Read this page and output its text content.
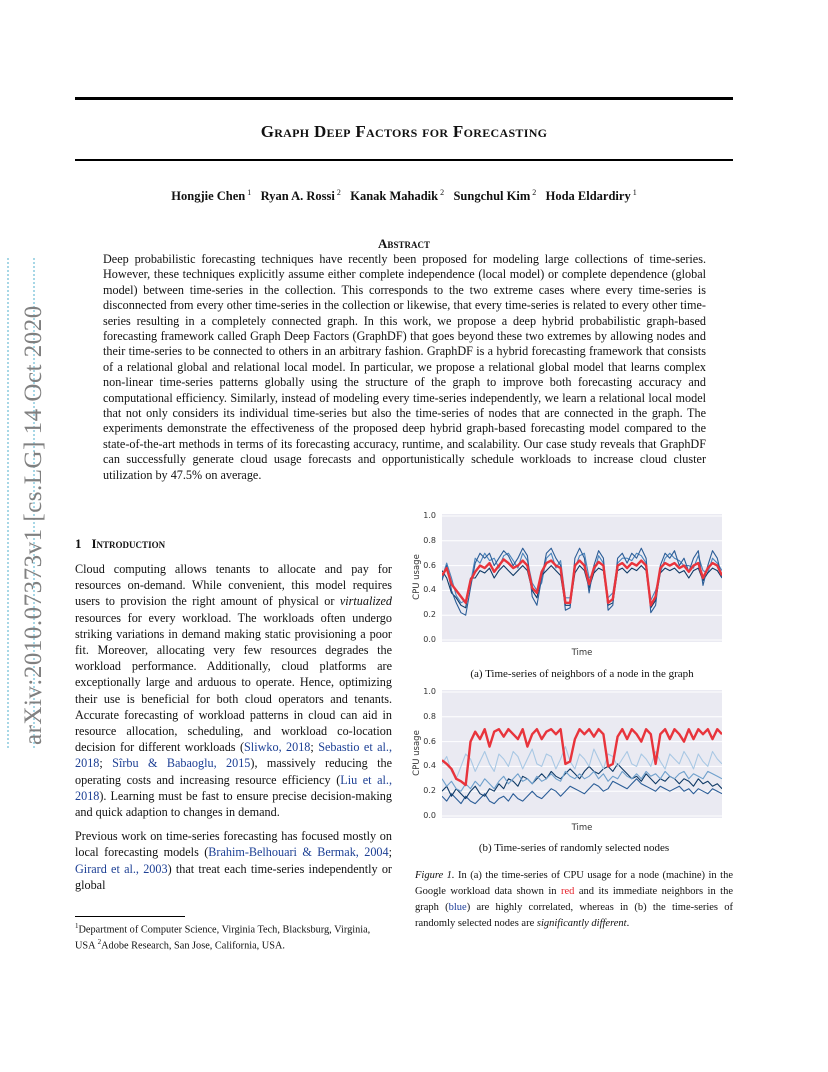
Graph Deep Factors for Forecasting
Hongjie Chen $^1$ Ryan A. Rossi $^2$ Kanak Mahadik $^2$ Sungchul Kim $^2$ Hoda Eldardiry $^1$
Abstract
Deep probabilistic forecasting techniques have recently been proposed for modeling large collections of time-series. However, these techniques explicitly assume either complete independence (local model) or complete dependence (global model) between time-series in the collection. This corresponds to the two extreme cases where every time-series is disconnected from every other time-series in the collection or likewise, that every time-series is related to every other time-series resulting in a completely connected graph. In this work, we propose a deep hybrid probabilistic graph-based forecasting framework called Graph Deep Factors (GraphDF) that goes beyond these two extremes by allowing nodes and their time-series to be connected to others in an arbitrary fashion. GraphDF is a hybrid forecasting framework that consists of a relational global and relational local model. In particular, we propose a relational global model that learns complex non-linear time-series patterns globally using the structure of the graph to improve both forecasting accuracy and computational efficiency. Similarly, instead of modeling every time-series independently, we learn a relational local model that not only considers its individual time-series but also the time-series of nodes that are connected in the graph. The experiments demonstrate the effectiveness of the proposed deep hybrid graph-based forecasting model compared to the state-of-the-art methods in terms of its forecasting accuracy, runtime, and scalability. Our case study reveals that GraphDF can successfully generate cloud usage forecasts and opportunistically schedule workloads to increase cloud cluster utilization by 47.5% on average.
arXiv:2010.07373v1 [cs.LG] 14 Oct 2020 1 Introduction

Cloud computing allows tenants to allocate and pay for resources on-demand. While convenient, this model requires users to provision the right amount of physical or virtualized resources for every workload. The workloads often undergo striking variations in demand making static provisioning a poor fit. Moreover, allocating very few resources degrades the workload performance. Additionally, cloud platforms are exceptionally large and arduous to operate. Hence, optimizing their use is beneficial for both cloud operators and tenants. Accurate forecasting of workload patterns in cloud can aid in resource allocation, scheduling, and workload co-location decision for different workloads (Sliwko, 2018; Sebastio et al., 2018; Sîrbu & Babaoglu, 2015), massively reducing the operating costs and increasing resource efficiency (Liu et al., 2018). Learning must be fast to ensure precise decision-making and quick adaption to changes in demand.

Previous work on time-series forecasting has focused mostly on local forecasting models (Brahim-Belhouari & Bermak, 2004; Girard et al., 2003) that treat each time-series independently or global

$^1$Department of Computer Science, Virginia Tech, Blacksburg, Virginia, USA $^2$Adobe Research, San Jose, California, USA.
CPU usage
Time
(a) Time-series of neighbors of a node in the graph
0.0
0.2
0.4
0.6
0.8
1.0
CPU usage
Time
(b) Time-series of randomly selected nodes
0.0
0.2
0.4
0.6
0.8
1.0
Figure 1. In (a) the time-series of CPU usage for a node (machine) in the Google workload data shown in red and its immediate neighbors in the graph (blue) are highly correlated, whereas in (b) the time-series of randomly selected nodes are significantly different.
